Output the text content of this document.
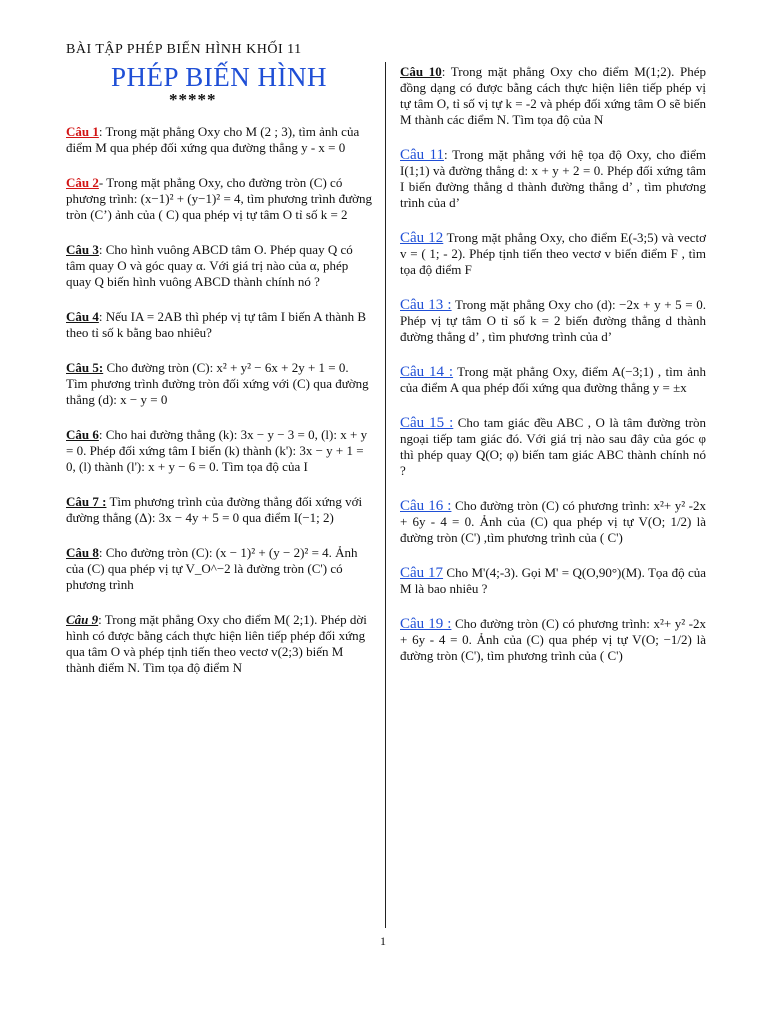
BÀI TẬP PHÉP BIẾN HÌNH KHỐI 11
PHÉP BIẾN HÌNH
*****
Câu 1: Trong mặt phẳng Oxy cho M (2 ; 3), tìm ảnh của điểm M qua phép đối xứng qua đường thẳng y - x = 0
Câu 2- Trong mặt phẳng Oxy, cho đường tròn (C) có phương trình: (x−1)² + (y−1)² = 4, tìm phương trình đường tròn (C’) ảnh của ( C) qua phép vị tự tâm O tỉ số k = 2
Câu 3: Cho hình vuông ABCD tâm O. Phép quay Q có tâm quay O và góc quay α. Với giá trị nào của α, phép quay Q biến hình vuông ABCD thành chính nó ?
Câu 4: Nếu IA = 2AB thì phép vị tự tâm I biến A thành B theo tỉ số k bằng bao nhiêu?
Câu 5: Cho đường tròn (C): x² + y² − 6x + 2y + 1 = 0. Tìm phương trình đường tròn đối xứng với (C) qua đường thẳng (d): x − y = 0
Câu 6: Cho hai đường thẳng (k): 3x − y − 3 = 0, (l): x + y = 0. Phép đối xứng tâm I biến (k) thành (k'): 3x − y + 1 = 0, (l) thành (l'): x + y − 6 = 0. Tìm tọa độ của I
Câu 7 : Tìm phương trình của đường thẳng đối xứng với đường thẳng (Δ): 3x − 4y + 5 = 0 qua điểm I(−1; 2)
Câu 8: Cho đường tròn (C): (x − 1)² + (y − 2)² = 4. Ảnh của (C) qua phép vị tự V_O^−2 là đường tròn (C') có phương trình
Câu 9: Trong mặt phẳng Oxy cho điểm M( 2;1). Phép dời hình có được bằng cách thực hiện liên tiếp phép đối xứng qua tâm O và phép tịnh tiến theo vectơ v(2;3) biến M thành điểm N. Tìm tọa độ điểm N
Câu 10: Trong mặt phẳng Oxy cho điểm M(1;2). Phép đồng dạng có được bằng cách thực hiện liên tiếp phép vị tự tâm O, tỉ số vị tự k = -2 và phép đối xứng tâm O sẽ biến M thành các điểm N. Tìm tọa độ của N
Câu 11: Trong mặt phẳng với hệ tọa độ Oxy, cho điểm I(1;1) và đường thẳng d: x + y + 2 = 0. Phép đối xứng tâm I biến đường thẳng d thành đường thẳng d’ , tìm phương trình của d’
Câu 12 Trong mặt phẳng Oxy, cho điểm E(-3;5) và vectơ v = ( 1; - 2). Phép tịnh tiến theo vectơ v biến điểm F , tìm tọa độ điểm F
Câu 13 : Trong mặt phẳng Oxy cho (d): −2x + y + 5 = 0. Phép vị tự tâm O tỉ số k = 2 biến đường thẳng d thành đường thẳng d’ , tìm phương trình của d’
Câu 14 : Trong mặt phẳng Oxy, điểm A(−3;1) , tìm ảnh của điểm A qua phép đối xứng qua đường thẳng y = ±x
Câu 15 : Cho tam giác đều ABC , O là tâm đường tròn ngoại tiếp tam giác đó. Với giá trị nào sau đây của góc φ thì phép quay Q(O; φ) biến tam giác ABC thành chính nó ?
Câu 16 : Cho đường tròn (C) có phương trình: x²+ y² -2x + 6y - 4 = 0. Ảnh của (C) qua phép vị tự V(O; 1/2) là đường tròn (C') ,tìm phương trình của ( C')
Câu 17 Cho M'(4;-3). Gọi M' = Q(O,90°)(M). Tọa độ của M là bao nhiêu ?
Câu 19 : Cho đường tròn (C) có phương trình: x²+ y² -2x + 6y - 4 = 0. Ảnh của (C) qua phép vị tự V(O; −1/2) là đường tròn (C'), tìm phương trình của ( C')
1
